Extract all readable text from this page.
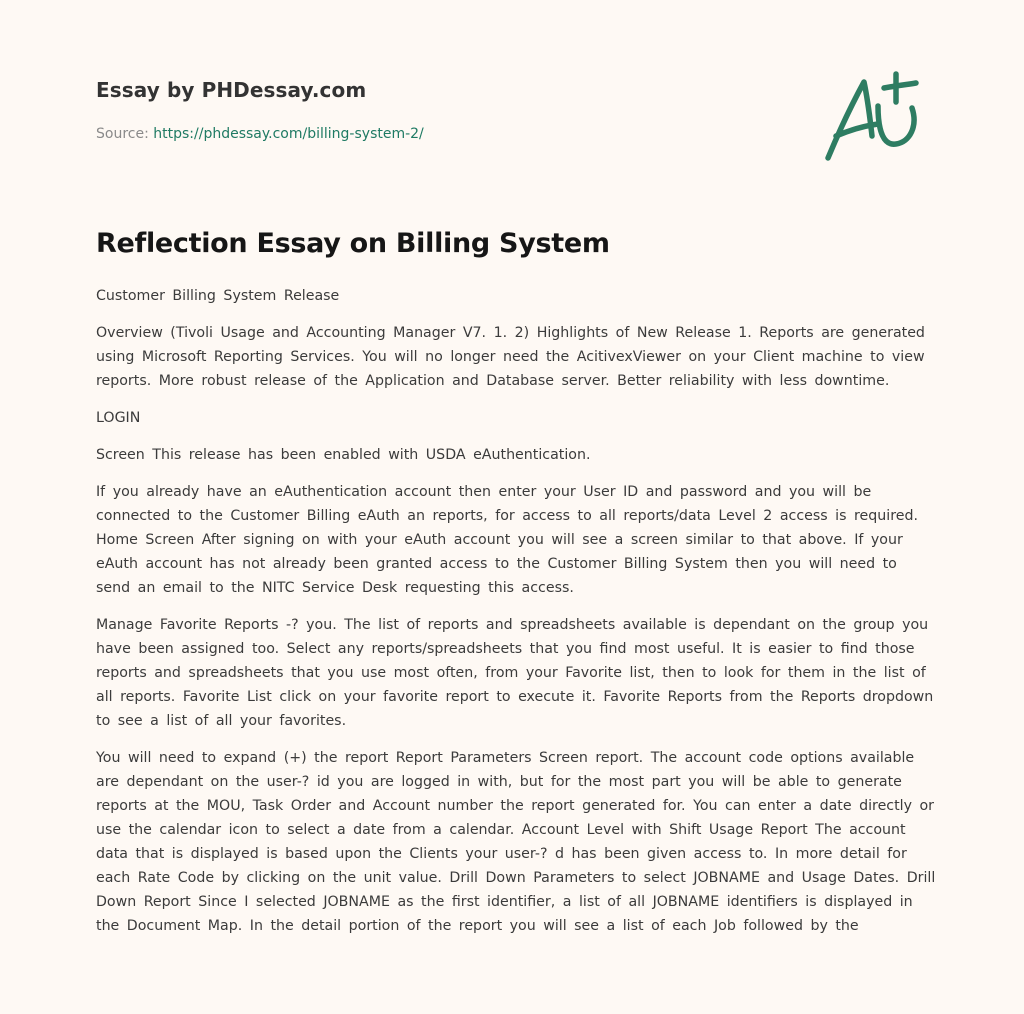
Essay by PHDessay.com
Source: https://phdessay.com/billing-system-2/
Reflection Essay on Billing System

Customer Billing System Release

Overview (Tivoli Usage and Accounting Manager V7. 1. 2) Highlights of New Release 1. Reports are generated using Microsoft Reporting Services. You will no longer need the AcitivexViewer on your Client machine to view reports. More robust release of the Application and Database server. Better reliability with less downtime.

LOGIN

Screen This release has been enabled with USDA eAuthentication.

If you already have an eAuthentication account then enter your User ID and password and you will be connected to the Customer Billing eAuth an reports, for access to all reports/data Level 2 access is required. Home Screen After signing on with your eAuth account you will see a screen similar to that above. If your eAuth account has not already been granted access to the Customer Billing System then you will need to send an email to the NITC Service Desk requesting this access.

Manage Favorite Reports -? you. The list of reports and spreadsheets available is dependant on the group you have been assigned too. Select any reports/spreadsheets that you find most useful. It is easier to find those reports and spreadsheets that you use most often, from your Favorite list, then to look for them in the list of all reports. Favorite List click on your favorite report to execute it. Favorite Reports from the Reports dropdown to see a list of all your favorites.

You will need to expand (+) the report Report Parameters Screen report. The account code options available are dependant on the user-? id you are logged in with, but for the most part you will be able to generate reports at the MOU, Task Order and Account number the report generated for. You can enter a date directly or use the calendar icon to select a date from a calendar. Account Level with Shift Usage Report The account data that is displayed is based upon the Clients your user-? d has been given access to. In more detail for each Rate Code by clicking on the unit value. Drill Down Parameters to select JOBNAME and Usage Dates. Drill Down Report Since I selected JOBNAME as the first identifier, a list of all JOBNAME identifiers is displayed in the Document Map. In the detail portion of the report you will see a list of each Job followed by the
